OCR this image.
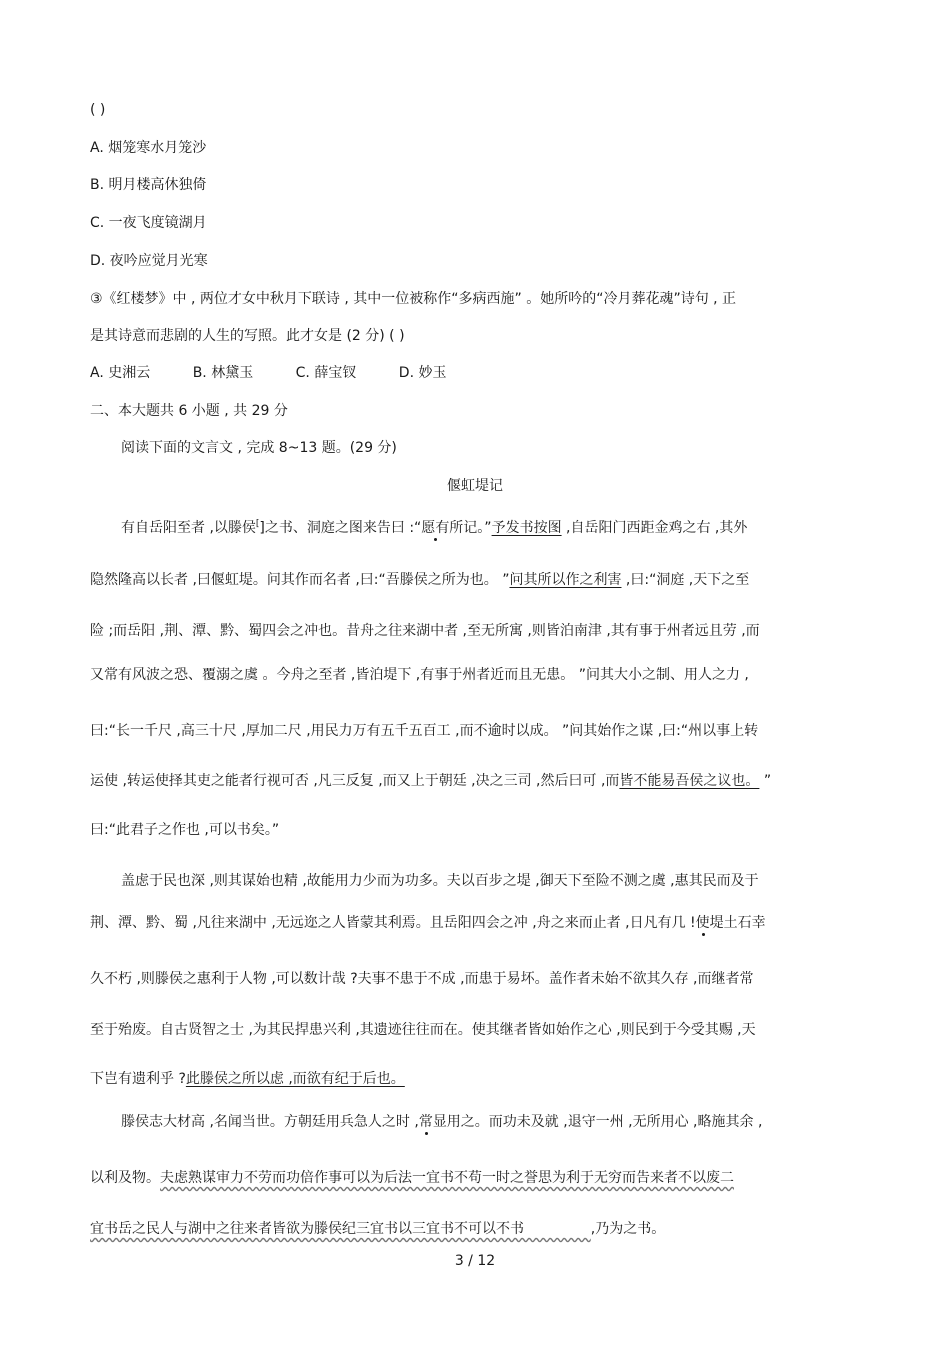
( )
A. 烟笼寒水月笼沙
B. 明月楼高休独倚
C. 一夜飞度镜湖月
D. 夜吟应觉月光寒
③《红楼梦》中 , 两位才女中秋月下联诗 , 其中一位被称作“多病西施” 。她所吟的“冷月葬花魂”诗句 , 正
是其诗意而悲剧的人生的写照。此才女是 (2 分) ( )
A. 史湘云	B. 林黛玉	C. 薛宝钗	D. 妙玉
二、本大题共 6 小题 , 共 29 分
阅读下面的文言文 , 完成 8~13 题。(29 分)
偃虹堤记
有自岳阳至者 ,以滕侯[]之书、洞庭之图来告曰 :“愿有所记。”予发书按图 ,自岳阳门西距金鸡之右 ,其外
隐然隆高以长者 ,曰偃虹堤。问其作而名者 ,曰:“吾滕侯之所为也。 ”问其所以作之利害 ,曰:“洞庭 ,天下之至
险 ;而岳阳 ,荆、潭、黔、蜀四会之冲也。昔舟之往来湖中者 ,至无所寓 ,则皆泊南津 ,其有事于州者远且劳 ,而
又常有风波之恐、覆溺之虞 。今舟之至者 ,皆泊堤下 ,有事于州者近而且无患。 ”问其大小之制、用人之力 ,
曰:“长一千尺 ,高三十尺 ,厚加二尺 ,用民力万有五千五百工 ,而不逾时以成。 ”问其始作之谋 ,曰:“州以事上转
运使 ,转运使择其吏之能者行视可否 ,凡三反复 ,而又上于朝廷 ,决之三司 ,然后曰可 ,而皆不能易吾侯之议也。 ”
曰:“此君子之作也 ,可以书矣。”
盖虑于民也深 ,则其谋始也精 ,故能用力少而为功多。夫以百步之堤 ,御天下至险不测之虞 ,惠其民而及于
荆、潭、黔、蜀 ,凡往来湖中 ,无远迩之人皆蒙其利焉。且岳阳四会之冲 ,舟之来而止者 ,日凡有几 !使堤土石幸
久不朽 ,则滕侯之惠利于人物 ,可以数计哉 ?夫事不患于不成 ,而患于易坏。盖作者未始不欲其久存 ,而继者常
至于殆废。自古贤智之士 ,为其民捍患兴利 ,其遗迹往往而在。使其继者皆如始作之心 ,则民到于今受其赐 ,天
下岂有遗利乎 ?此滕侯之所以虑 ,而欲有纪于后也。
滕侯志大材高 ,名闻当世。方朝廷用兵急人之时 ,常显用之。而功未及就 ,退守一州 ,无所用心 ,略施其余 ,
以利及物。夫虑熟谋审力不劳而功倍作事可以为后法一宜书不苟一时之誉思为利于无穷而告来者不以废二
宜书岳之民人与湖中之往来者皆欲为滕侯纪三宜书以三宜书不可以不书               ,乃为之书。
3 / 12
